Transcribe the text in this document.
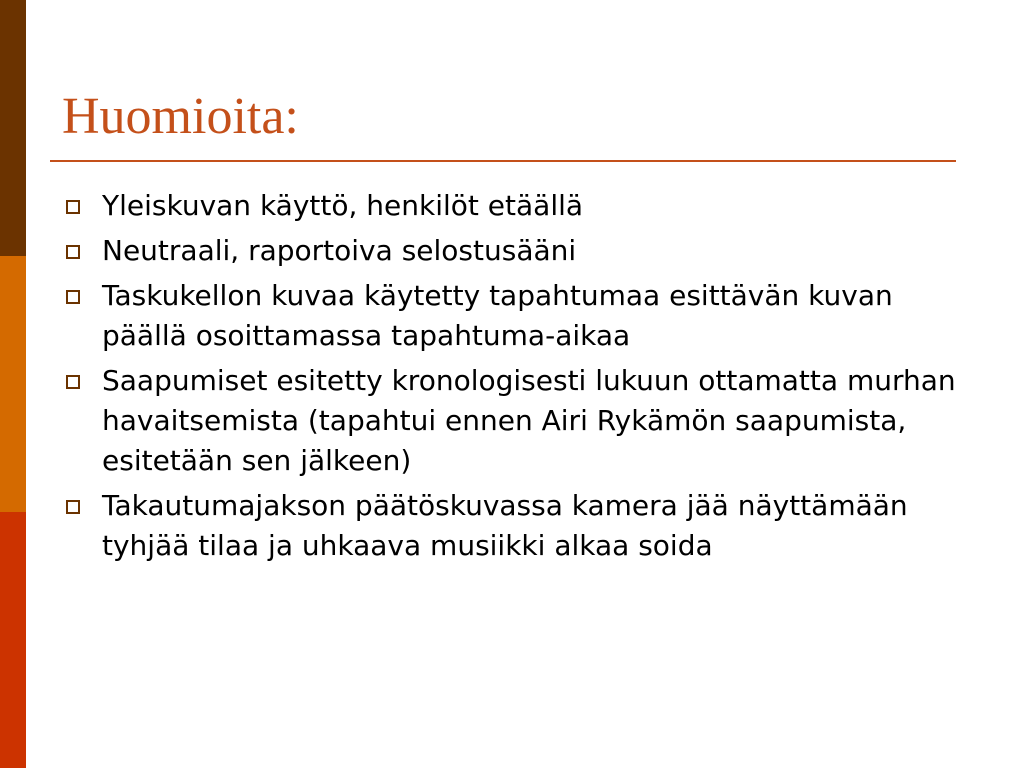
Huomioita:
Yleiskuvan käyttö, henkilöt etäällä
Neutraali, raportoiva selostusääni
Taskukellon kuvaa käytetty tapahtumaa esittävän kuvan päällä osoittamassa tapahtuma-aikaa
Saapumiset esitetty kronologisesti lukuun ottamatta murhan havaitsemista (tapahtui ennen Airi Rykämön saapumista, esitetään sen jälkeen)
Takautumajakson päätöskuvassa kamera jää näyttämään tyhjää tilaa ja uhkaava musiikki alkaa soida
